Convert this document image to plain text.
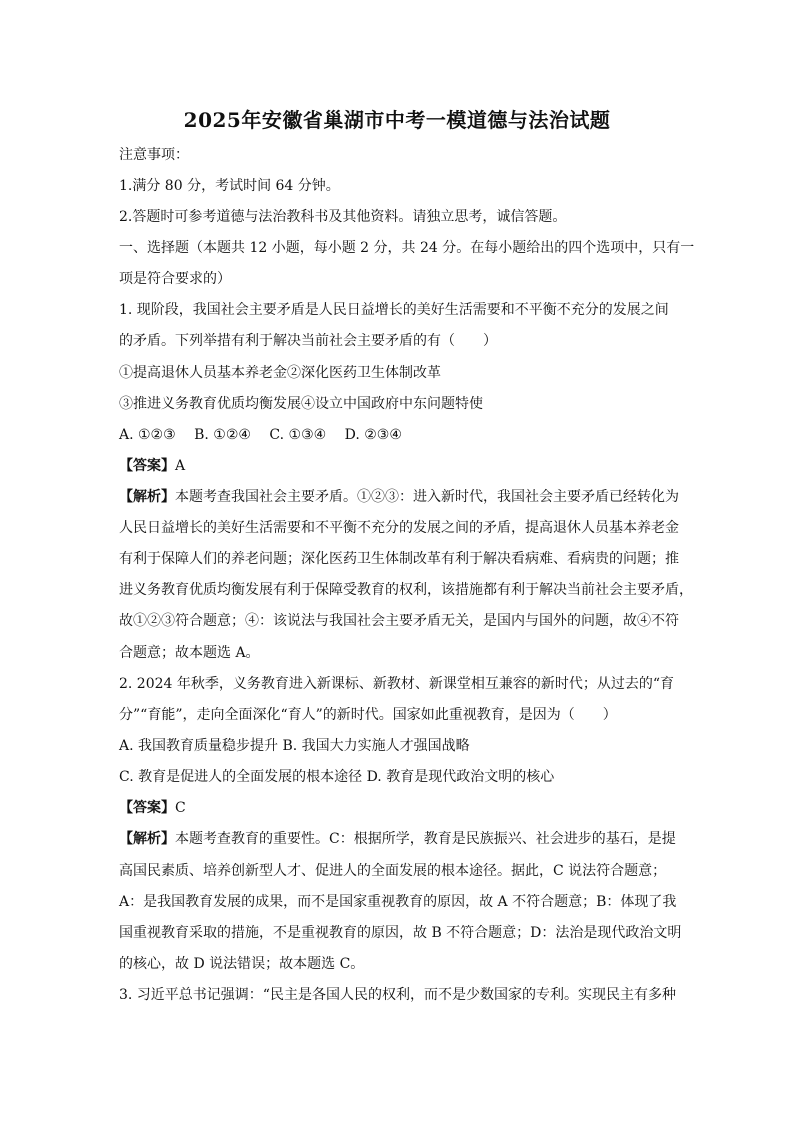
2025年安徽省巢湖市中考一模道德与法治试题
注意事项：
1.满分 80 分，考试时间 64 分钟。
2.答题时可参考道德与法治教科书及其他资料。请独立思考，诚信答题。
一、选择题（本题共 12 小题，每小题 2 分，共 24 分。在每小题给出的四个选项中，只有一
项是符合要求的）
1. 现阶段，我国社会主要矛盾是人民日益增长的美好生活需要和不平衡不充分的发展之间
的矛盾。下列举措有利于解决当前社会主要矛盾的有（　　）
①提高退休人员基本养老金②深化医药卫生体制改革
③推进义务教育优质均衡发展④设立中国政府中东问题特使
A. ①②③　 B. ①②④　 C. ①③④　 D. ②③④
【答案】A
【解析】本题考查我国社会主要矛盾。①②③：进入新时代，我国社会主要矛盾已经转化为
人民日益增长的美好生活需要和不平衡不充分的发展之间的矛盾，提高退休人员基本养老金
有利于保障人们的养老问题；深化医药卫生体制改革有利于解决看病难、看病贵的问题；推
进义务教育优质均衡发展有利于保障受教育的权利，该措施都有利于解决当前社会主要矛盾，
故①②③符合题意；④：该说法与我国社会主要矛盾无关，是国内与国外的问题，故④不符
合题意；故本题选 A。
2. 2024 年秋季，义务教育进入新课标、新教材、新课堂相互兼容的新时代；从过去的“育
分”“育能”，走向全面深化“育人”的新时代。国家如此重视教育，是因为（　　）
A. 我国教育质量稳步提升 B. 我国大力实施人才强国战略
C. 教育是促进人的全面发展的根本途径 D. 教育是现代政治文明的核心
【答案】C
【解析】本题考查教育的重要性。C：根据所学，教育是民族振兴、社会进步的基石，是提
高国民素质、培养创新型人才、促进人的全面发展的根本途径。据此，C 说法符合题意；
A：是我国教育发展的成果，而不是国家重视教育的原因，故 A 不符合题意；B：体现了我
国重视教育采取的措施，不是重视教育的原因，故 B 不符合题意；D：法治是现代政治文明
的核心，故 D 说法错误；故本题选 C。
3. 习近平总书记强调：“民主是各国人民的权利，而不是少数国家的专利。实现民主有多种
